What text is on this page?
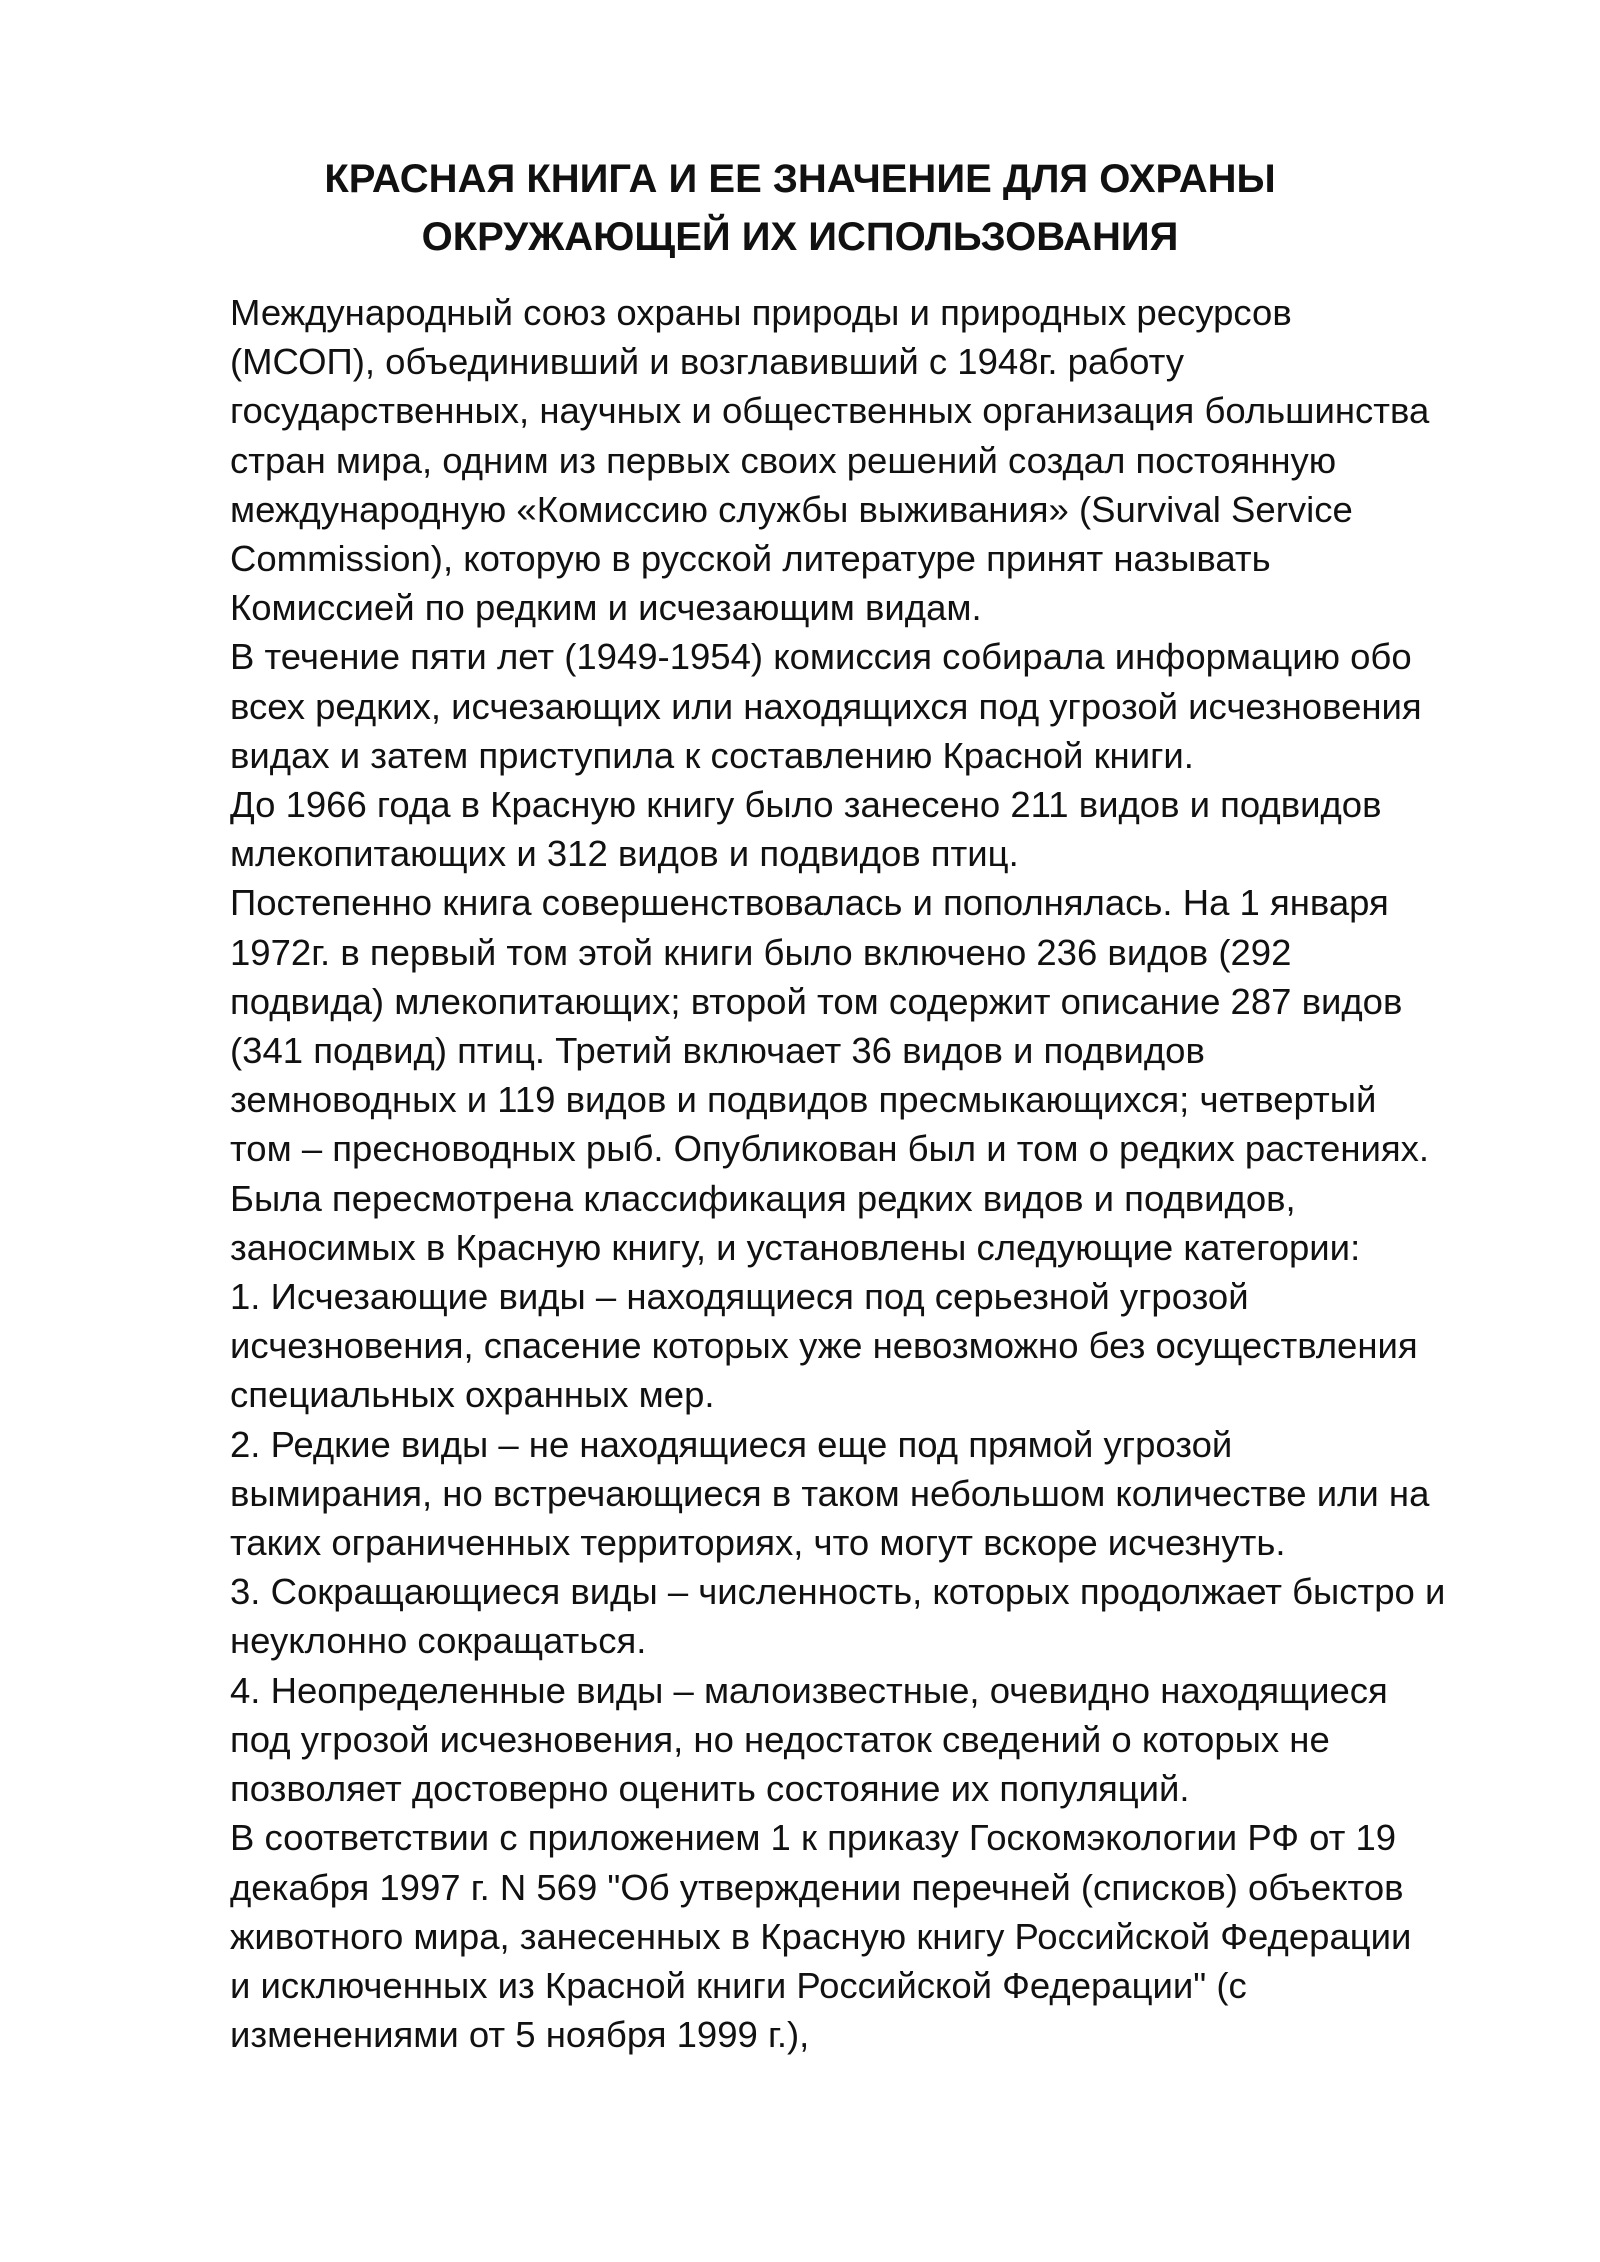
КРАСНАЯ КНИГА И ЕЕ ЗНАЧЕНИЕ ДЛЯ ОХРАНЫ
ОКРУЖАЮЩЕЙ ИХ ИСПОЛЬЗОВАНИЯ
Международный союз охраны природы и природных ресурсов
(МСОП), объединивший и возглавивший с 1948г. работу
государственных, научных и общественных организация большинства
стран мира, одним из первых своих решений создал постоянную
международную «Комиссию службы выживания» (Survival Service
Commission), которую в русской литературе принят называть
Комиссией по редким и исчезающим видам.
В течение пяти лет (1949-1954) комиссия собирала информацию обо
всех редких, исчезающих или находящихся под угрозой исчезновения
видах и затем приступила к составлению Красной книги.
До 1966 года в Красную книгу было занесено 211 видов и подвидов
млекопитающих и 312 видов и подвидов птиц.
Постепенно книга совершенствовалась и пополнялась. На 1 января
1972г. в первый том этой книги было включено 236 видов (292
подвида) млекопитающих; второй том содержит описание 287 видов
(341 подвид) птиц. Третий включает 36 видов и подвидов
земноводных и 119 видов и подвидов пресмыкающихся; четвертый
том – пресноводных рыб. Опубликован был и том о редких растениях.
Была пересмотрена классификация редких видов и подвидов,
заносимых в Красную книгу, и установлены следующие категории:
1. Исчезающие виды – находящиеся под серьезной угрозой
исчезновения, спасение которых уже невозможно без осуществления
специальных охранных мер.
2. Редкие виды – не находящиеся еще под прямой угрозой
вымирания, но встречающиеся в таком небольшом количестве или на
таких ограниченных территориях, что могут вскоре исчезнуть.
3. Сокращающиеся виды – численность, которых продолжает быстро и
неуклонно сокращаться.
4. Неопределенные виды – малоизвестные, очевидно находящиеся
под угрозой исчезновения, но недостаток сведений о которых не
позволяет достоверно оценить состояние их популяций.
В соответствии с приложением 1 к приказу Госкомэкологии РФ от 19
декабря 1997 г. N 569 "Об утверждении перечней (списков) объектов
животного мира, занесенных в Красную книгу Российской Федерации
и исключенных из Красной книги Российской Федерации" (с
изменениями от 5 ноября 1999 г.),
